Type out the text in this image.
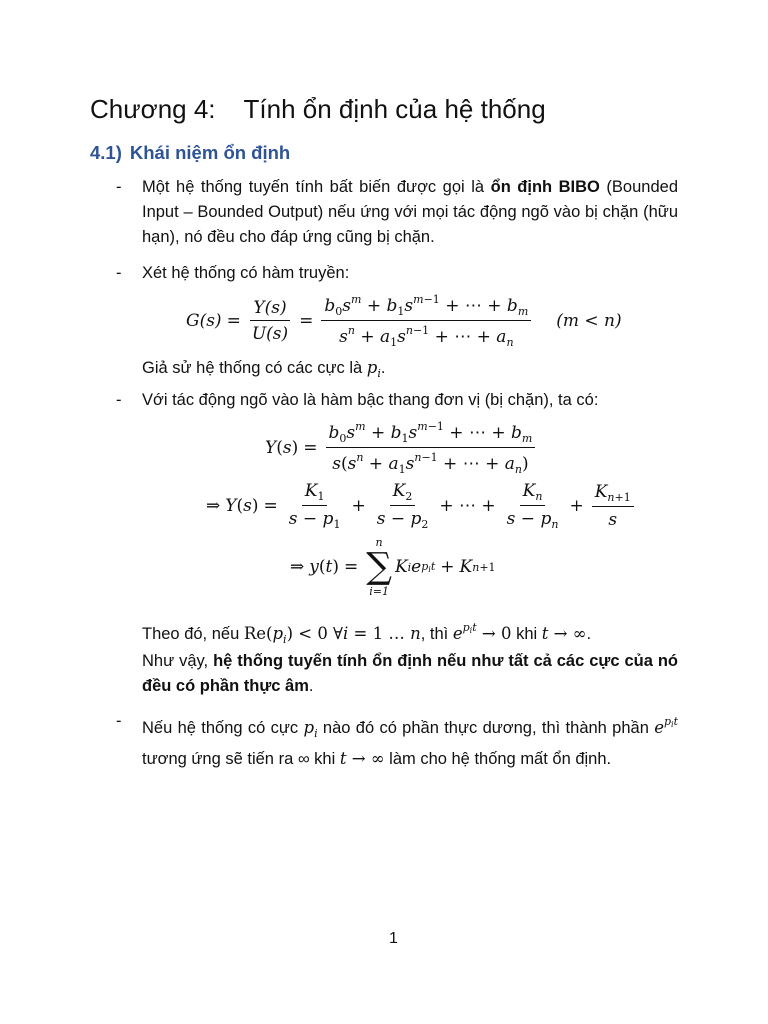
Chương 4: Tính ổn định của hệ thống
4.1) Khái niệm ổn định
- Một hệ thống tuyến tính bất biến được gọi là ổn định BIBO (Bounded Input – Bounded Output) nếu ứng với mọi tác động ngõ vào bị chặn (hữu hạn), nó đều cho đáp ứng cũng bị chặn.
- Xét hệ thống có hàm truyền:
$G(s) = \frac{Y(s)}{U(s)} = \frac{b_0s^m + b_1s^{m-1} + \cdots + b_m}{s^n + a_1s^{n-1} + \cdots + a_n} (m < n)$
Giả sử hệ thống có các cực là $p_i$.
- Với tác động ngõ vào là hàm bậc thang đơn vị (bị chặn), ta có:
Y ( s ) = $\frac{b_0s^m + b_1s^{m-1} + \cdots + b_m}{s(s^n + a_1s^{n-1} + \cdots + a_n)}$
⇒ Y ( s ) = $\frac{K_1}{s - p_1} + \frac{K_2}{s - p_2}$ + ⋯ + $\frac{K_n}{s - p_n} + \frac{K_{n+1}}{s}$
⇒ y ( t ) =
n
∑
i=1
K i e $p_it + K$ n+1
Theo đó, nếu $Re(p_i) < 0$ ∀i = 1 … n, thì $e^{p_it} \to 0$ khi t → ∞.
Như vậy, hệ thống tuyến tính ổn định nếu như tất cả các cực của nó đều có phần thực âm.
- Nếu hệ thống có cực $p_i$ nào đó có phần thực dương, thì thành phần $e^{p_it}$ tương ứng sẽ tiến ra ∞ khi t → ∞ làm cho hệ thống mất ổn định.
1
